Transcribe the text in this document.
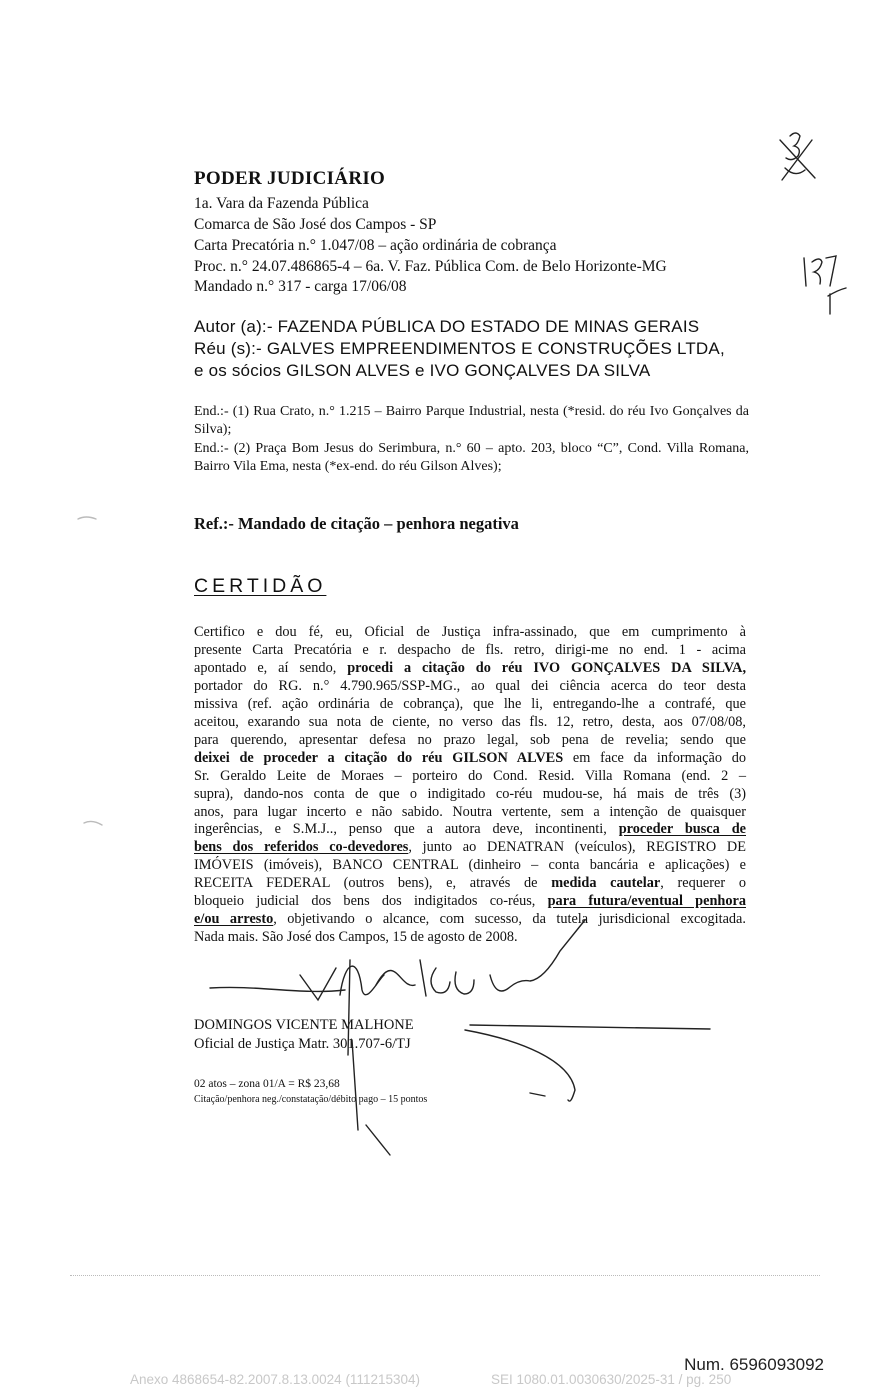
PODER JUDICIÁRIO
1a. Vara da Fazenda Pública
Comarca de São José dos Campos - SP
Carta Precatória n.° 1.047/08 – ação ordinária de cobrança
Proc. n.° 24.07.486865-4 – 6a. V. Faz. Pública Com. de Belo Horizonte-MG
Mandado n.° 317 - carga 17/06/08
Autor (a):- FAZENDA PÚBLICA DO ESTADO DE MINAS GERAIS
Réu (s):- GALVES EMPREENDIMENTOS E CONSTRUÇÕES LTDA,
e os sócios GILSON ALVES e IVO GONÇALVES DA SILVA
End.:- (1) Rua Crato, n.° 1.215 – Bairro Parque Industrial, nesta (*resid. do réu Ivo Gonçalves da Silva);
End.:- (2) Praça Bom Jesus do Serimbura, n.° 60 – apto. 203, bloco “C”, Cond. Villa Romana, Bairro Vila Ema, nesta (*ex-end. do réu Gilson Alves);
Ref.:- Mandado de citação – penhora negativa
CERTIDÃO
Certifico e dou fé, eu, Oficial de Justiça infra-assinado, que em cumprimento à
presente Carta Precatória e r. despacho de fls. retro, dirigi-me no end. 1 - acima
apontado e, aí sendo, procedi a citação do réu IVO GONÇALVES DA SILVA,
portador do RG. n.° 4.790.965/SSP-MG., ao qual dei ciência acerca do teor desta
missiva (ref. ação ordinária de cobrança), que lhe li, entregando-lhe a contrafé, que
aceitou, exarando sua nota de ciente, no verso das fls. 12, retro, desta, aos 07/08/08,
para querendo, apresentar defesa no prazo legal, sob pena de revelia; sendo que
deixei de proceder a citação do réu GILSON ALVES em face da informação do
Sr. Geraldo Leite de Moraes – porteiro do Cond. Resid. Villa Romana (end. 2 –
supra), dando-nos conta de que o indigitado co-réu mudou-se, há mais de três (3)
anos, para lugar incerto e não sabido. Noutra vertente, sem a intenção de quaisquer
ingerências, e S.M.J.., penso que a autora deve, incontinenti, proceder busca de
bens dos referidos co-devedores, junto ao DENATRAN (veículos), REGISTRO DE
IMÓVEIS (imóveis), BANCO CENTRAL (dinheiro – conta bancária e aplicações) e
RECEITA FEDERAL (outros bens), e, através de medida cautelar, requerer o
bloqueio judicial dos bens dos indigitados co-réus, para futura/eventual penhora
e/ou arresto, objetivando o alcance, com sucesso, da tutela jurisdicional excogitada.
Nada mais. São José dos Campos, 15 de agosto de 2008.
DOMINGOS VICENTE MALHONE
Oficial de Justiça Matr. 301.707-6/TJ
02 atos – zona 01/A = R$ 23,68
Citação/penhora neg./constatação/débito pago – 15 pontos
Num. 6596093092
Anexo 4868654-82.2007.8.13.0024 (111215304)	SEI 1080.01.0030630/2025-31 / pg. 250
